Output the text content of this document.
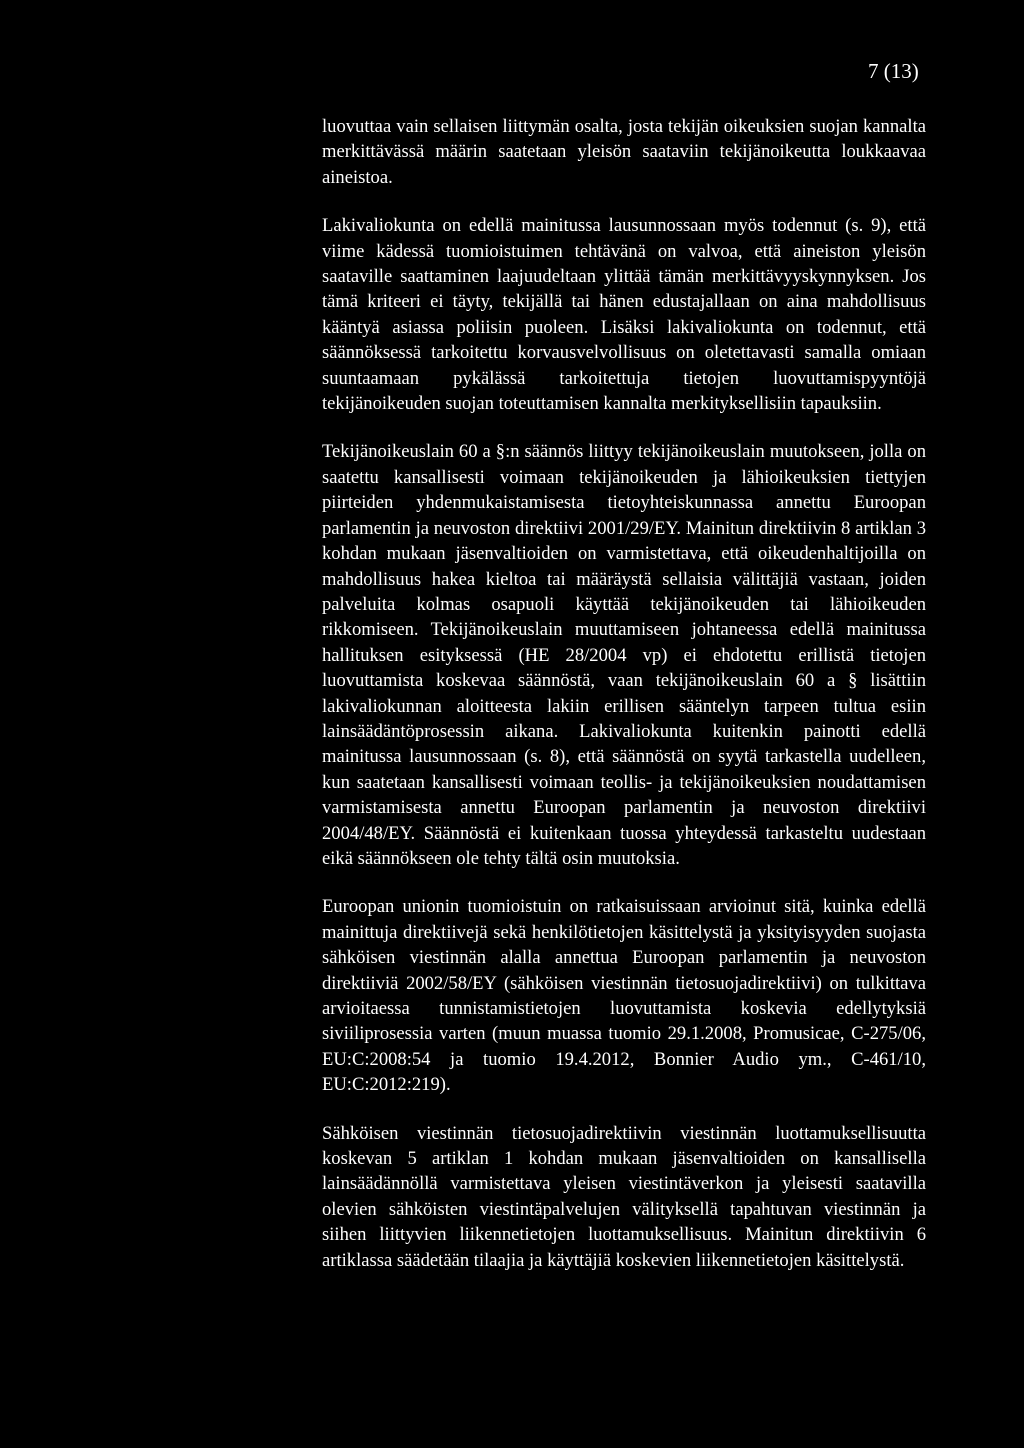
7 (13)

luovuttaa vain sellaisen liittymän osalta, josta tekijän oikeuksien suojan kannalta merkittävässä määrin saatetaan yleisön saataviin tekijänoikeutta loukkaavaa aineistoa.

Lakivaliokunta on edellä mainitussa lausunnossaan myös todennut (s. 9), että viime kädessä tuomioistuimen tehtävänä on valvoa, että aineiston yleisön saataville saattaminen laajuudeltaan ylittää tämän merkittävyyskynnyksen. Jos tämä kriteeri ei täyty, tekijällä tai hänen edustajallaan on aina mahdollisuus kääntyä asiassa poliisin puoleen. Lisäksi lakivaliokunta on todennut, että säännöksessä tarkoitettu korvausvelvollisuus on oletettavasti samalla omiaan suuntaamaan pykälässä tarkoitettuja tietojen luovuttamispyyntöjä tekijänoikeuden suojan toteuttamisen kannalta merkityksellisiin tapauksiin.

Tekijänoikeuslain 60 a §:n säännös liittyy tekijänoikeuslain muutokseen, jolla on saatettu kansallisesti voimaan tekijänoikeuden ja lähioikeuksien tiettyjen piirteiden yhdenmukaistamisesta tietoyhteiskunnassa annettu Euroopan parlamentin ja neuvoston direktiivi 2001/29/EY. Mainitun direktiivin 8 artiklan 3 kohdan mukaan jäsenvaltioiden on varmistettava, että oikeudenhaltijoilla on mahdollisuus hakea kieltoa tai määräystä sellaisia välittäjiä vastaan, joiden palveluita kolmas osapuoli käyttää tekijänoikeuden tai lähioikeuden rikkomiseen. Tekijänoikeuslain muuttamiseen johtaneessa edellä mainitussa hallituksen esityksessä (HE 28/2004 vp) ei ehdotettu erillistä tietojen luovuttamista koskevaa säännöstä, vaan tekijänoikeuslain 60 a § lisättiin lakivaliokunnan aloitteesta lakiin erillisen sääntelyn tarpeen tultua esiin lainsäädäntöprosessin aikana. Lakivaliokunta kuitenkin painotti edellä mainitussa lausunnossaan (s. 8), että säännöstä on syytä tarkastella uudelleen, kun saatetaan kansallisesti voimaan teollis- ja tekijänoikeuksien noudattamisen varmistamisesta annettu Euroopan parlamentin ja neuvoston direktiivi 2004/48/EY. Säännöstä ei kuitenkaan tuossa yhteydessä tarkasteltu uudestaan eikä säännökseen ole tehty tältä osin muutoksia.

Euroopan unionin tuomioistuin on ratkaisuissaan arvioinut sitä, kuinka edellä mainittuja direktiivejä sekä henkilötietojen käsittelystä ja yksityisyyden suojasta sähköisen viestinnän alalla annettua Euroopan parlamentin ja neuvoston direktiiviä 2002/58/EY (sähköisen viestinnän tietosuojadirektiivi) on tulkittava arvioitaessa tunnistamistietojen luovuttamista koskevia edellytyksiä siviiliprosessia varten (muun muassa tuomio 29.1.2008, Promusicae, C-275/06, EU:C:2008:54 ja tuomio 19.4.2012, Bonnier Audio ym., C-461/10, EU:C:2012:219).

Sähköisen viestinnän tietosuojadirektiivin viestinnän luottamuksellisuutta koskevan 5 artiklan 1 kohdan mukaan jäsenvaltioiden on kansallisella lainsäädännöllä varmistettava yleisen viestintäverkon ja yleisesti saatavilla olevien sähköisten viestintäpalvelujen välityksellä tapahtuvan viestinnän ja siihen liittyvien liikennetietojen luottamuksellisuus. Mainitun direktiivin 6 artiklassa säädetään tilaajia ja käyttäjiä koskevien liikennetietojen käsittelystä.
